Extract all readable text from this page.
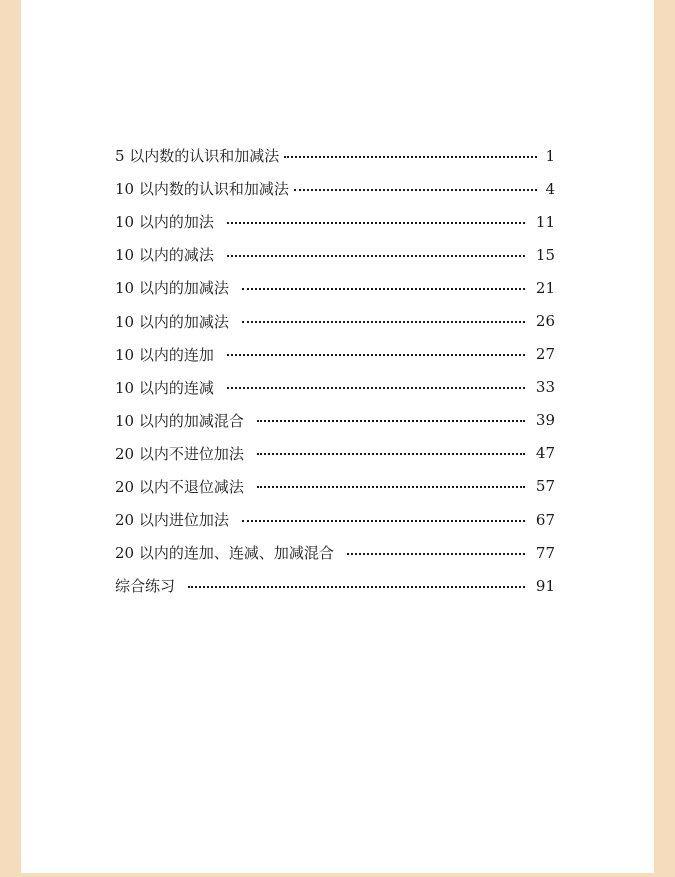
5 以内数的认识和加减法	1
10 以内数的认识和加减法	4
10 以内的加法	11
10 以内的减法	15
10 以内的加减法	21
10 以内的加减法	26
10 以内的连加	27
10 以内的连减	33
10 以内的加减混合	39
20 以内不进位加法	47
20 以内不退位减法	57
20 以内进位加法	67
20 以内的连加、连减、加减混合	77
综合练习	91
